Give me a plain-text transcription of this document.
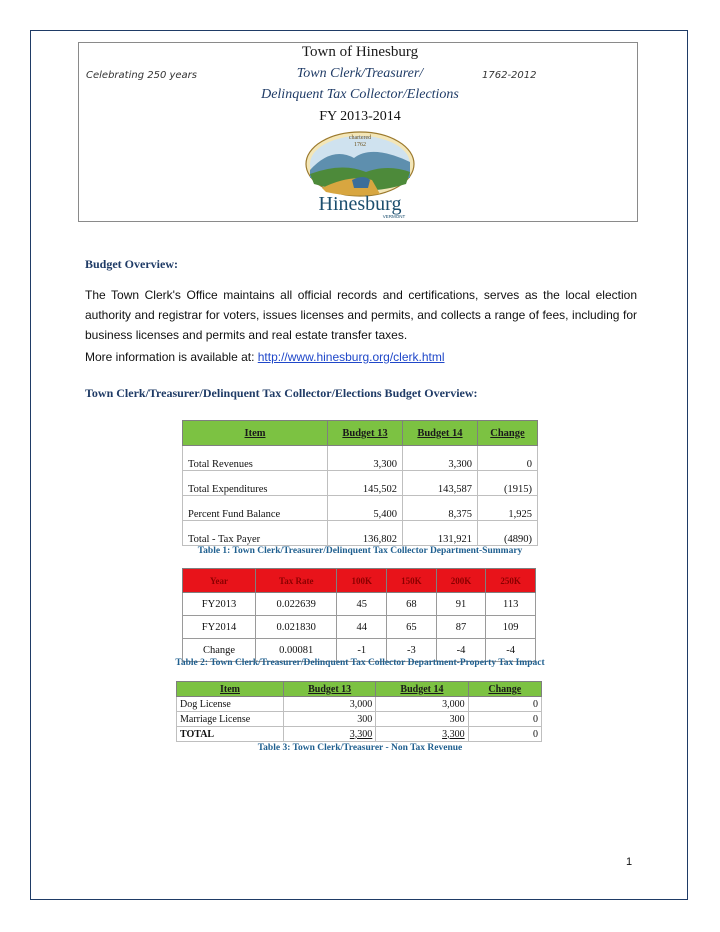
Town of Hinesburg
Celebrating 250 years	Town Clerk/Treasurer/	1762-2012
Delinquent Tax Collector/Elections
FY 2013-2014
chartered
1762
Hinesburg
VERMONT
Budget Overview:
The Town Clerk's Office maintains all official records and certifications, serves as the local election authority and registrar for voters, issues licenses and permits, and collects a range of fees, including for business licenses and permits and real estate transfer taxes.
More information is available at: http://www.hinesburg.org/clerk.html
Town Clerk/Treasurer/Delinquent Tax Collector/Elections Budget Overview:
Item	Budget 13	Budget 14	Change
Total Revenues	3,300	3,300	0
Total Expenditures	145,502	143,587	(1915)
Percent Fund Balance	5,400	8,375	1,925
Total - Tax Payer	136,802	131,921	(4890)
Table 1: Town Clerk/Treasurer/Delinquent Tax Collector Department-Summary
Year	Tax Rate	100K	150K	200K	250K
FY2013	0.022639	45	68	91	113
FY2014	0.021830	44	65	87	109
Change	0.00081	-1	-3	-4	-4
Table 2: Town Clerk/Treasurer/Delinquent Tax Collector Department-Property Tax Impact
Item	Budget 13	Budget 14	Change
Dog License	3,000	3,000	0
Marriage License	300	300	0
TOTAL	3,300	3,300	0
Table 3: Town Clerk/Treasurer - Non Tax Revenue
1
